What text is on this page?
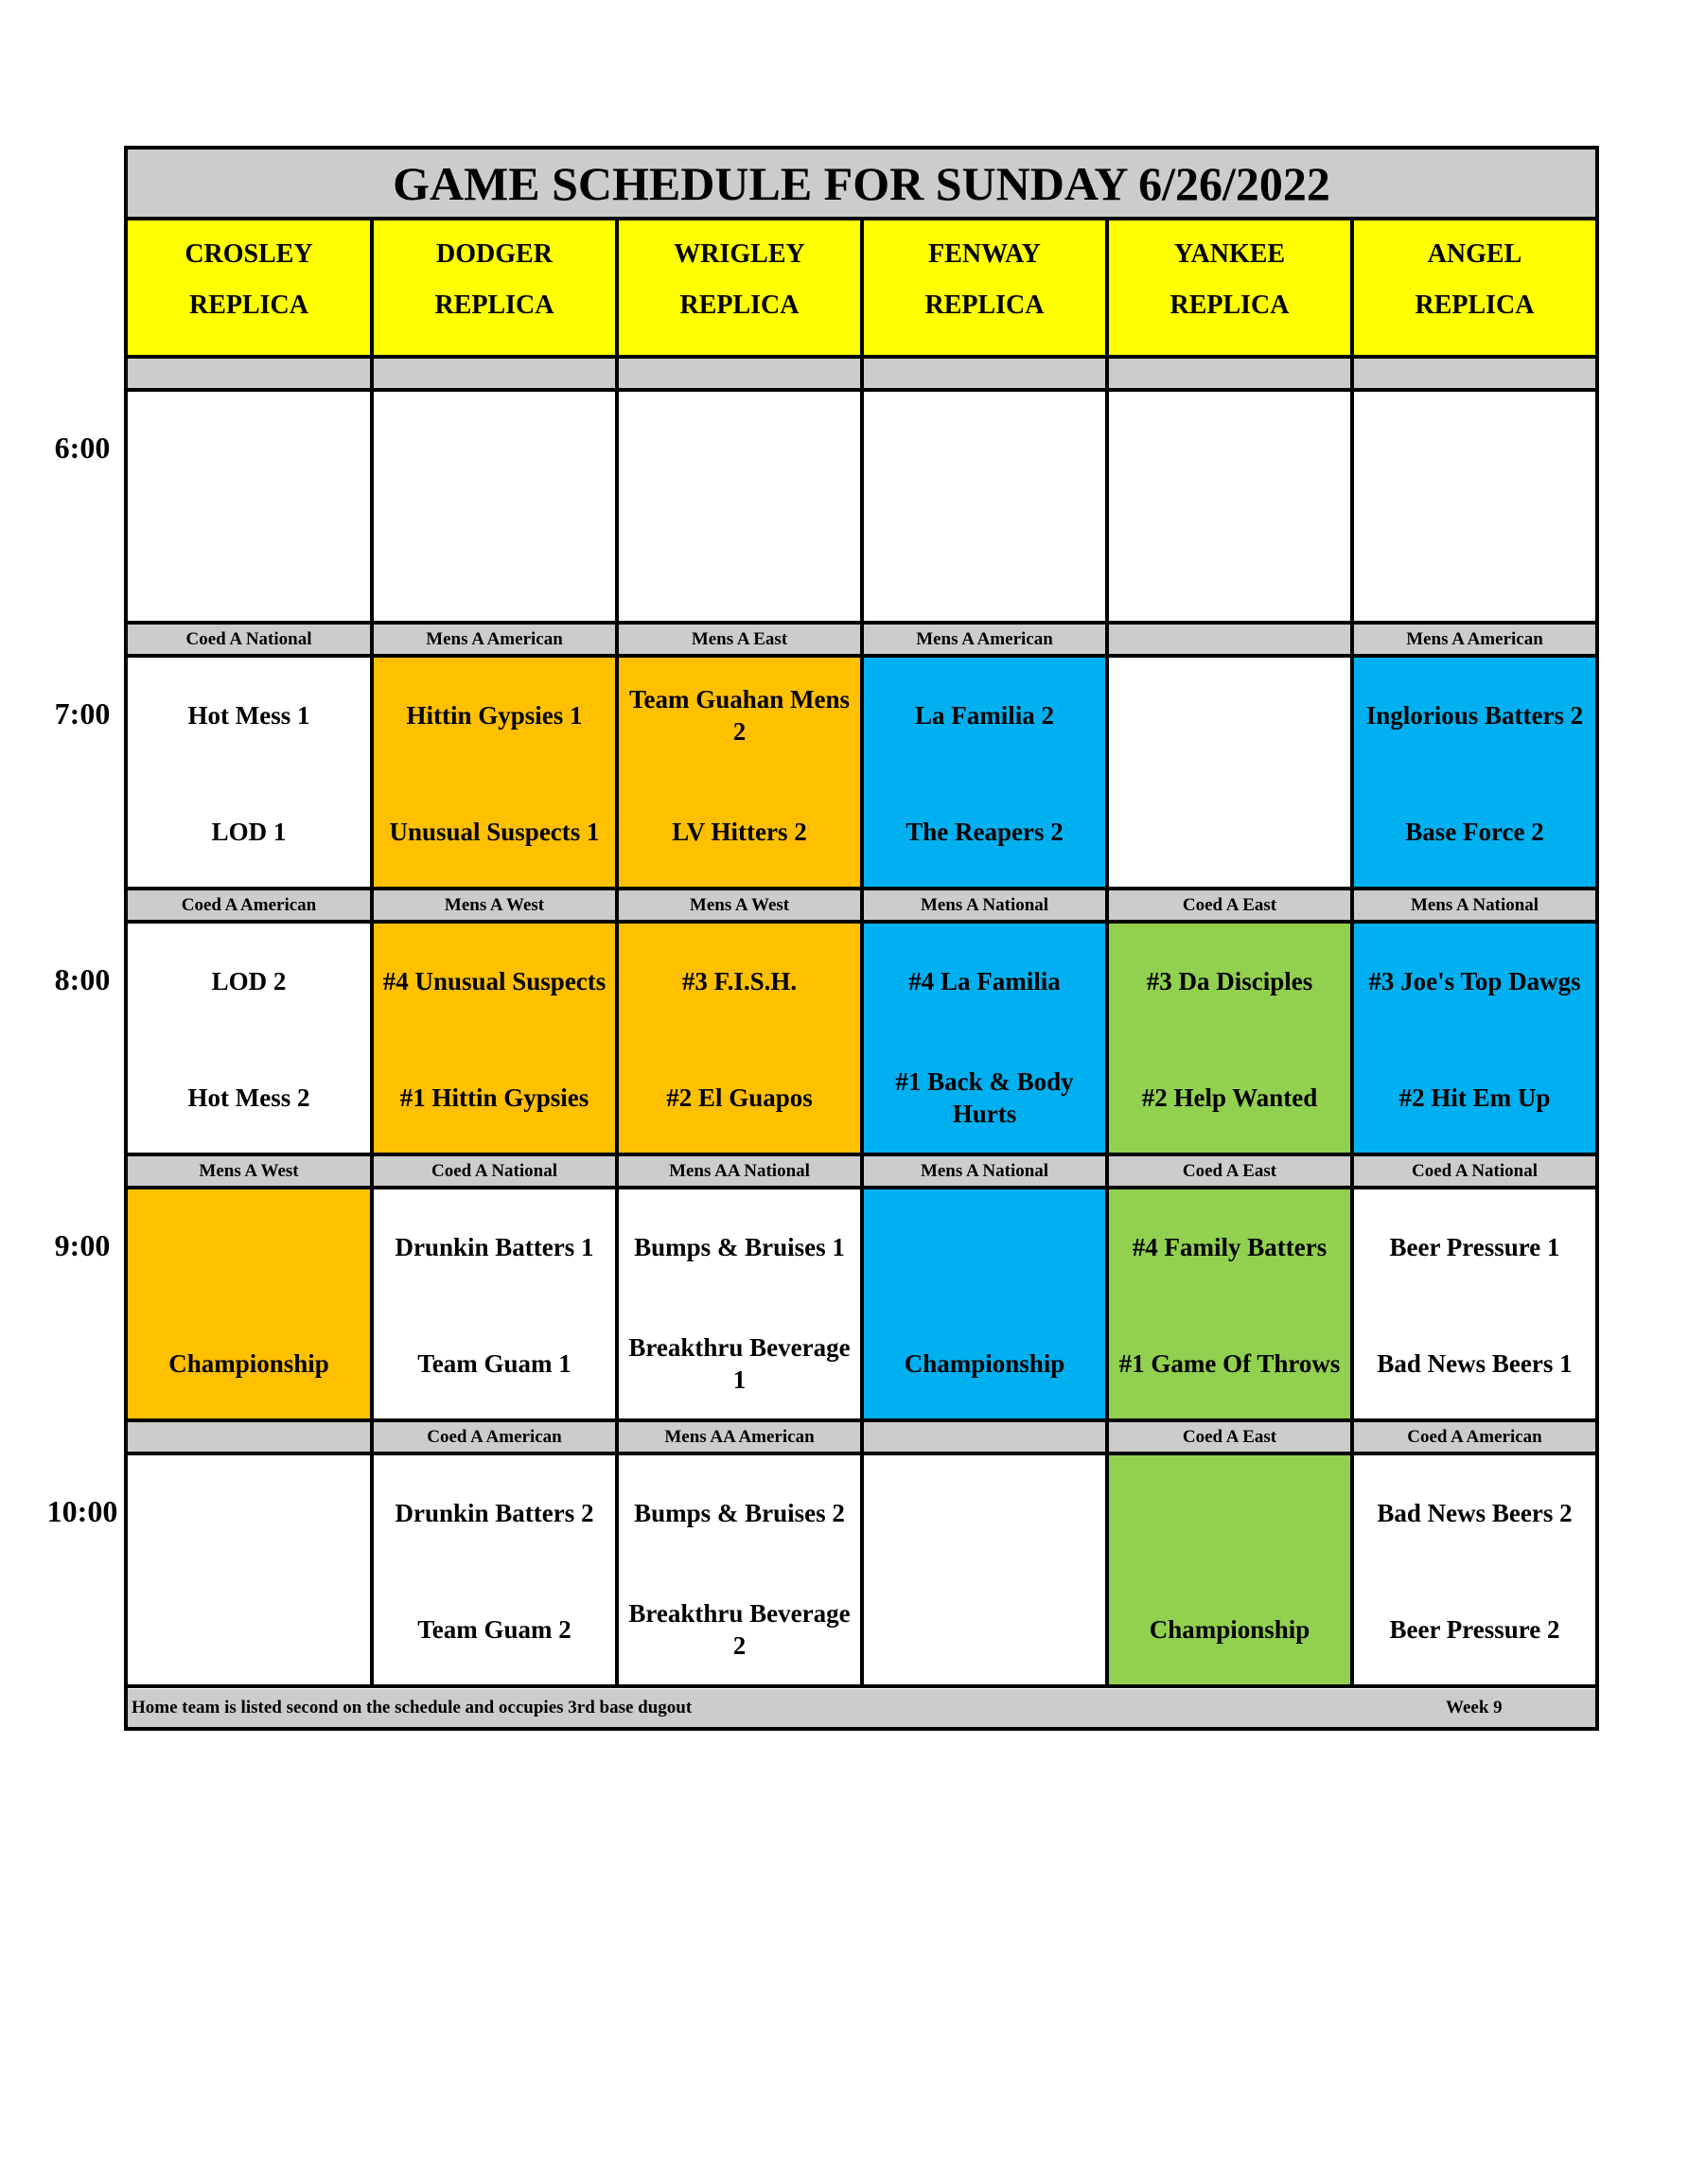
GAME SCHEDULE FOR SUNDAY 6/26/2022
CROSLEY
REPLICA
DODGER
REPLICA
WRIGLEY
REPLICA
FENWAY
REPLICA
YANKEE
REPLICA
ANGEL
REPLICA
Coed A National
Hot Mess 1
LOD 1
Mens A American
Hittin Gypsies 1
Unusual Suspects 1
Mens A East
Team Guahan Mens 2
LV Hitters 2
Mens A American
La Familia 2
The Reapers 2
Mens A American
Inglorious Batters 2
Base Force 2
Coed A American
LOD 2
Hot Mess 2
Mens A West
#4 Unusual Suspects
#1 Hittin Gypsies
Mens A West
#3 F.I.S.H.
#2 El Guapos
Mens A National
#4 La Familia
#1 Back & Body Hurts
Coed A East
#3 Da Disciples
#2 Help Wanted
Mens A National
#3 Joe's Top Dawgs
#2 Hit Em Up
Mens A West
Championship
Coed A National
Drunkin Batters 1
Team Guam 1
Mens AA National
Bumps & Bruises 1
Breakthru Beverage 1
Mens A National
Championship
Coed A East
#4 Family Batters
#1 Game Of Throws
Coed A National
Beer Pressure 1
Bad News Beers 1
Coed A American
Drunkin Batters 2
Team Guam 2
Mens AA American
Bumps & Bruises 2
Breakthru Beverage 2
Coed A East
Championship
Coed A American
Bad News Beers 2
Beer Pressure 2
Home team is listed second on the schedule and occupies 3rd base dugout	Week 9
6:00
7:00
8:00
9:00
10:00
